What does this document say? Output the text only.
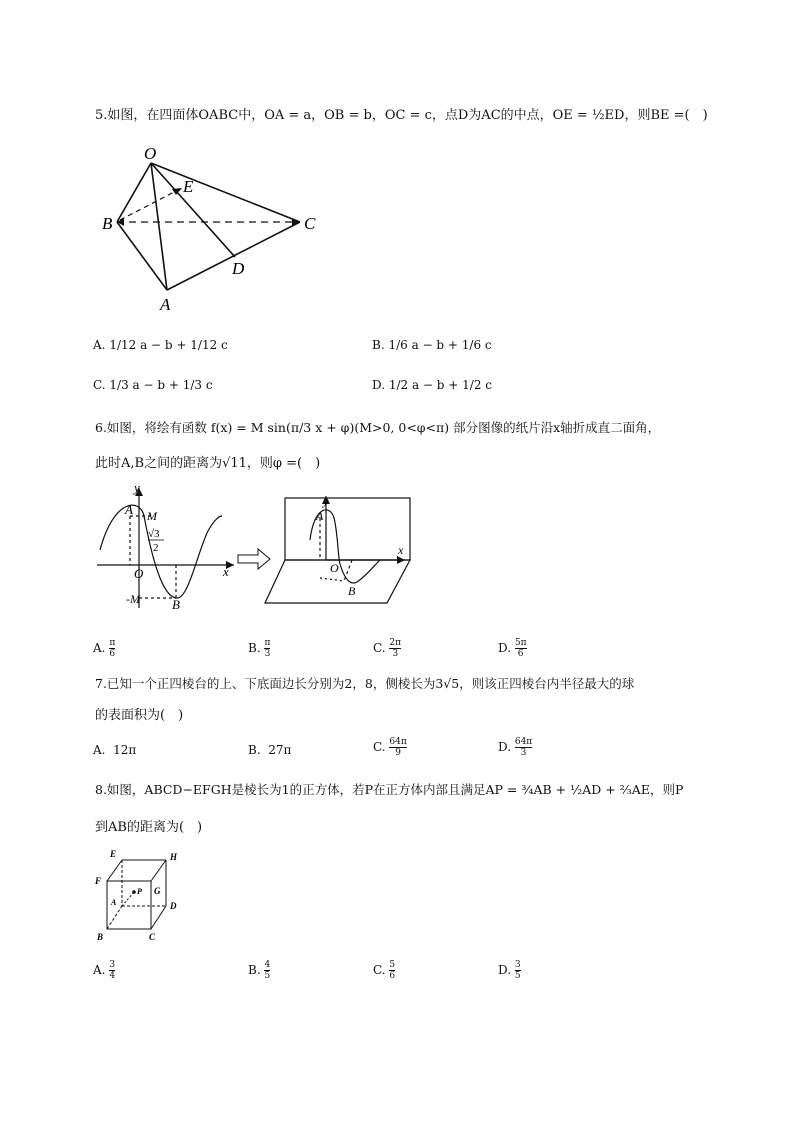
5.如图，在四面体OABC中，OA = a，OB = b，OC = c，点D为AC的中点，OE = ½ED，则BE =(　)
O
E
B	C
D
A
A. 1/12 a − b + 1/12 c	B. 1/6 a − b + 1/6 c
C. 1/3 a − b + 1/3 c	D. 1/2 a − b + 1/2 c
6.如图，将绘有函数 f(x) = M sin(π/3 x + φ)(M>0, 0<φ<π) 部分图像的纸片沿x轴折成直二面角，
此时A,B之间的距离为√11，则φ =(　)
y
A M
√3
2
O	x
-M B
y
A
O
x
B
A. $\frac{\pi}{6}$	B. $\frac{\pi}{3}$	C. $\frac{2\pi}{3}$	D. $\frac{5\pi}{6}$
7.已知一个正四棱台的上、下底面边长分别为2，8，侧棱长为3√5，则该正四棱台内半径最大的球
的表面积为(　)
A. 12π	B. 27π	C. $\frac{64\pi}{9}$	D. $\frac{64\pi}{3}$
8.如图，ABCD−EFGH是棱长为1的正方体，若P在正方体内部且满足AP = ¾AB + ½AD + ⅔AE，则P
到AB的距离为(　)
E	H
F
G
P
A	D
B	C
A. $\frac{3}{4}$	B. $\frac{4}{5}$	C. $\frac{5}{6}$	D. $\frac{3}{5}$
